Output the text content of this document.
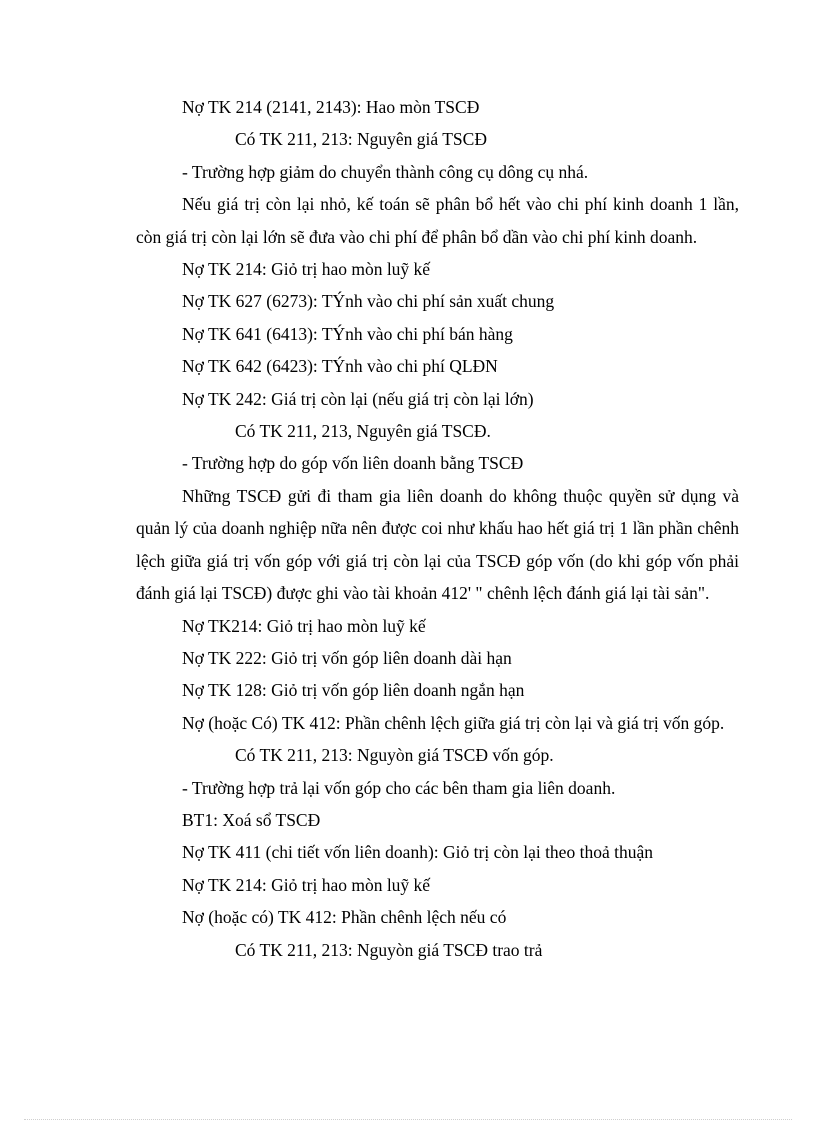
Nợ TK 214 (2141, 2143): Hao mòn TSCĐ

Có TK 211, 213: Nguyên giá TSCĐ

- Trường hợp giảm do chuyển thành công cụ dông cụ nhá.

Nếu giá trị còn lại nhỏ, kế toán sẽ phân bổ hết vào chi phí kinh doanh 1 lần, còn giá trị còn lại lớn sẽ đưa vào chi phí để phân bổ dần vào chi phí kinh doanh.

Nợ TK 214: Giỏ trị hao mòn luỹ kế

Nợ TK 627 (6273): TÝnh vào chi phí sản xuất chung

Nợ TK 641 (6413): TÝnh vào chi phí bán hàng

Nợ TK 642 (6423): TÝnh vào chi phí QLĐN

Nợ TK 242: Giá trị còn lại (nếu giá trị còn lại lớn)

Có TK 211, 213, Nguyên giá TSCĐ.

- Trường hợp do góp vốn liên doanh bằng TSCĐ

Những TSCĐ gửi đi tham gia liên doanh do không thuộc quyền sử dụng và quản lý của doanh nghiệp nữa nên được coi như khấu hao hết giá trị 1 lần phần chênh lệch giữa giá trị vốn góp với giá trị còn lại của TSCĐ góp vốn (do khi góp vốn phải đánh giá lại TSCĐ) được ghi vào tài khoản 412' " chênh lệch đánh giá lại tài sản".

Nợ TK214: Giỏ trị hao mòn luỹ kế

Nợ TK 222: Giỏ trị vốn góp liên doanh dài hạn

Nợ TK 128: Giỏ trị vốn góp liên doanh ngắn hạn

Nợ (hoặc Có) TK 412: Phần chênh lệch giữa giá trị còn lại và giá trị vốn góp.

Có TK 211, 213: Nguyòn giá TSCĐ vốn góp.

- Trường hợp trả lại vốn góp cho các bên tham gia liên doanh.

BT1: Xoá sổ TSCĐ

Nợ TK 411 (chi tiết vốn liên doanh): Giỏ trị còn lại theo thoả thuận

Nợ TK 214: Giỏ trị hao mòn luỹ kế

Nợ (hoặc có) TK 412: Phần chênh lệch nếu có

Có TK 211, 213: Nguyòn giá TSCĐ trao trả
